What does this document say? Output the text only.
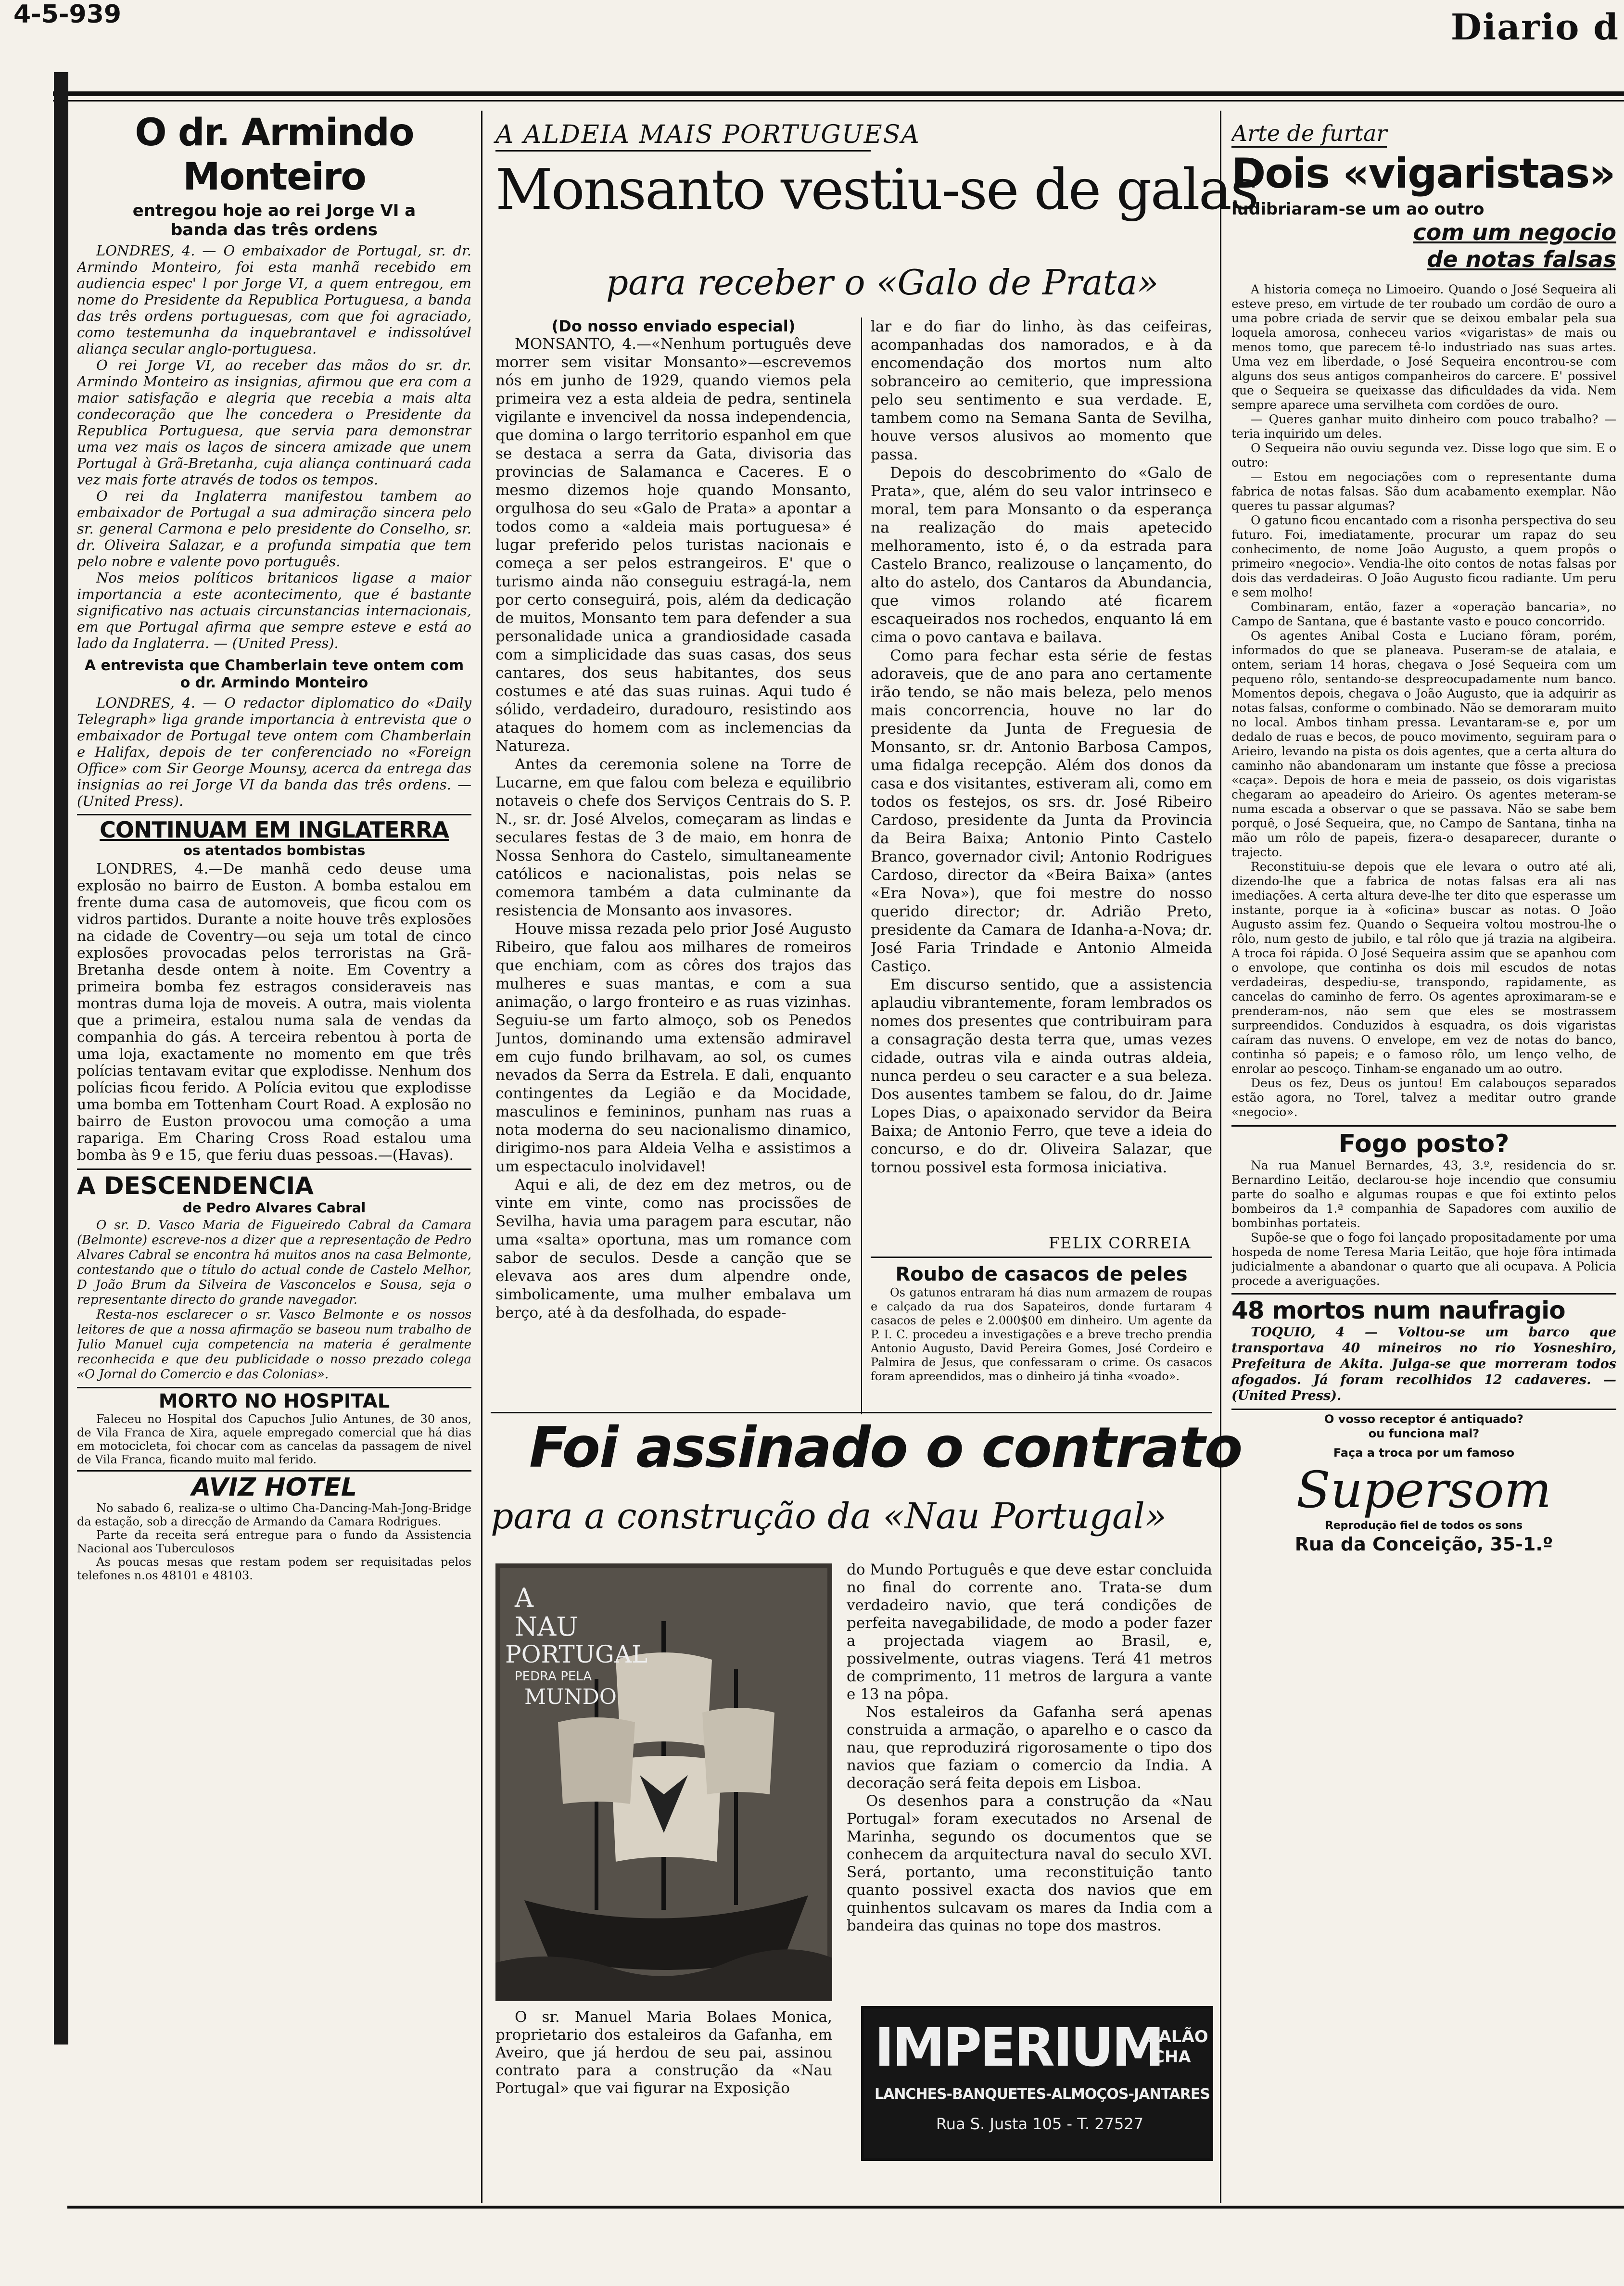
4-5-939	Diario d
O dr. Armindo Monteiro
entregou hoje ao rei Jorge VI a banda das três ordens

LONDRES, 4. — O embaixador de Portugal, sr. dr. Armindo Monteiro, foi esta manhã recebido em audiencia espec' l por Jorge VI, a quem entregou, em nome do Presidente da Republica Portuguesa, a banda das três ordens portuguesas, com que foi agraciado, como testemunha da inquebrantavel e indissolúvel aliança secular anglo-portuguesa.

O rei Jorge VI, ao receber das mãos do sr. dr. Armindo Monteiro as insignias, afirmou que era com a maior satisfação e alegria que recebia a mais alta condecoração que lhe concedera o Presidente da Republica Portuguesa, que servia para demonstrar uma vez mais os laços de sincera amizade que unem Portugal à Grã-Bretanha, cuja aliança continuará cada vez mais forte através de todos os tempos.

O rei da Inglaterra manifestou tambem ao embaixador de Portugal a sua admiração sincera pelo sr. general Carmona e pelo presidente do Conselho, sr. dr. Oliveira Salazar, e a profunda simpatia que tem pelo nobre e valente povo português.

Nos meios políticos britanicos ligase a maior importancia a este acontecimento, que é bastante significativo nas actuais circunstancias internacionais, em que Portugal afirma que sempre esteve e está ao lado da Inglaterra. — (United Press).

A entrevista que Chamberlain teve ontem com o dr. Armindo Monteiro

LONDRES, 4. — O redactor diplomatico do «Daily Telegraph» liga grande importancia à entrevista que o embaixador de Portugal teve ontem com Chamberlain e Halifax, depois de ter conferenciado no «Foreign Office» com Sir George Mounsy, acerca da entrega das insignias ao rei Jorge VI da banda das três ordens. — (United Press).

CONTINUAM EM INGLATERRA
os atentados bombistas

LONDRES, 4.—De manhã cedo deuse uma explosão no bairro de Euston. A bomba estalou em frente duma casa de automoveis, que ficou com os vidros partidos. Durante a noite houve três explosões na cidade de Coventry—ou seja um total de cinco explosões provocadas pelos terroristas na Grã-Bretanha desde ontem à noite. Em Coventry a primeira bomba fez estragos consideraveis nas montras duma loja de moveis. A outra, mais violenta que a primeira, estalou numa sala de vendas da companhia do gás. A terceira rebentou à porta de uma loja, exactamente no momento em que três polícias tentavam evitar que explodisse. Nenhum dos polícias ficou ferido. A Polícia evitou que explodisse uma bomba em Tottenham Court Road. A explosão no bairro de Euston provocou uma comoção a uma rapariga. Em Charing Cross Road estalou uma bomba às 9 e 15, que feriu duas pessoas.—(Havas).

A DESCENDENCIA
de Pedro Alvares Cabral

O sr. D. Vasco Maria de Figueiredo Cabral da Camara (Belmonte) escreve-nos a dizer que a representação de Pedro Alvares Cabral se encontra há muitos anos na casa Belmonte, contestando que o título do actual conde de Castelo Melhor, D João Brum da Silveira de Vasconcelos e Sousa, seja o representante directo do grande navegador.

Resta-nos esclarecer o sr. Vasco Belmonte e os nossos leitores de que a nossa afirmação se baseou num trabalho de Julio Manuel cuja competencia na materia é geralmente reconhecida e que deu publicidade o nosso prezado colega «O Jornal do Comercio e das Colonias».

MORTO NO HOSPITAL

Faleceu no Hospital dos Capuchos Julio Antunes, de 30 anos, de Vila Franca de Xira, aquele empregado comercial que há dias em motocicleta, foi chocar com as cancelas da passagem de nivel de Vila Franca, ficando muito mal ferido.

AVIZ HOTEL

No sabado 6, realiza-se o ultimo Cha-Dancing-Mah-Jong-Bridge da estação, sob a direcção de Armando da Camara Rodrigues.

Parte da receita será entregue para o fundo da Assistencia Nacional aos Tuberculosos

As poucas mesas que restam podem ser requisitadas pelos telefones n.os 48101 e 48103.

A ALDEIA MAIS PORTUGUESA
Monsanto vestiu-se de galas
para receber o «Galo de Prata»
(Do nosso enviado especial)

MONSANTO, 4.—«Nenhum português deve morrer sem visitar Monsanto»—escrevemos nós em junho de 1929, quando viemos pela primeira vez a esta aldeia de pedra, sentinela vigilante e invencivel da nossa independencia, que domina o largo territorio espanhol em que se destaca a serra da Gata, divisoria das provincias de Salamanca e Caceres. E o mesmo dizemos hoje quando Monsanto, orgulhosa do seu «Galo de Prata» a apontar a todos como a «aldeia mais portuguesa» é lugar preferido pelos turistas nacionais e começa a ser pelos estrangeiros. E' que o turismo ainda não conseguiu estragá-la, nem por certo conseguirá, pois, além da dedicação de muitos, Monsanto tem para defender a sua personalidade unica a grandiosidade casada com a simplicidade das suas casas, dos seus cantares, dos seus habitantes, dos seus costumes e até das suas ruinas. Aqui tudo é sólido, verdadeiro, duradouro, resistindo aos ataques do homem com as inclemencias da Natureza.

Antes da ceremonia solene na Torre de Lucarne, em que falou com beleza e equilibrio notaveis o chefe dos Serviços Centrais do S. P. N., sr. dr. José Alvelos, começaram as lindas e seculares festas de 3 de maio, em honra de Nossa Senhora do Castelo, simultaneamente católicos e nacionalistas, pois nelas se comemora também a data culminante da resistencia de Monsanto aos invasores.

Houve missa rezada pelo prior José Augusto Ribeiro, que falou aos milhares de romeiros que enchiam, com as côres dos trajos das mulheres e suas mantas, e com a sua animação, o largo fronteiro e as ruas vizinhas. Seguiu-se um farto almoço, sob os Penedos Juntos, dominando uma extensão admiravel em cujo fundo brilhavam, ao sol, os cumes nevados da Serra da Estrela. E dali, enquanto contingentes da Legião e da Mocidade, masculinos e femininos, punham nas ruas a nota moderna do seu nacionalismo dinamico, dirigimo-nos para Aldeia Velha e assistimos a um espectaculo inolvidavel!

Aqui e ali, de dez em dez metros, ou de vinte em vinte, como nas procissões de Sevilha, havia uma paragem para escutar, não uma «salta» oportuna, mas um romance com sabor de seculos. Desde a canção que se elevava aos ares dum alpendre onde, simbolicamente, uma mulher embalava um berço, até à da desfolhada, do espade-

lar e do fiar do linho, às das ceifeiras, acompanhadas dos namorados, e à da encomendação dos mortos num alto sobranceiro ao cemiterio, que impressiona pelo seu sentimento e sua verdade. E, tambem como na Semana Santa de Sevilha, houve versos alusivos ao momento que passa.

Depois do descobrimento do «Galo de Prata», que, além do seu valor intrinseco e moral, tem para Monsanto o da esperança na realização do mais apetecido melhoramento, isto é, o da estrada para Castelo Branco, realizouse o lançamento, do alto do astelo, dos Cantaros da Abundancia, que vimos rolando até ficarem escaqueirados nos rochedos, enquanto lá em cima o povo cantava e bailava.

Como para fechar esta série de festas adoraveis, que de ano para ano certamente irão tendo, se não mais beleza, pelo menos mais concorrencia, houve no lar do presidente da Junta de Freguesia de Monsanto, sr. dr. Antonio Barbosa Campos, uma fidalga recepção. Além dos donos da casa e dos visitantes, estiveram ali, como em todos os festejos, os srs. dr. José Ribeiro Cardoso, presidente da Junta da Provincia da Beira Baixa; Antonio Pinto Castelo Branco, governador civil; Antonio Rodrigues Cardoso, director da «Beira Baixa» (antes «Era Nova»), que foi mestre do nosso querido director; dr. Adrião Preto, presidente da Camara de Idanha-a-Nova; dr. José Faria Trindade e Antonio Almeida Castiço.

Em discurso sentido, que a assistencia aplaudiu vibrantemente, foram lembrados os nomes dos presentes que contribuiram para a consagração desta terra que, umas vezes cidade, outras vila e ainda outras aldeia, nunca perdeu o seu caracter e a sua beleza. Dos ausentes tambem se falou, do dr. Jaime Lopes Dias, o apaixonado servidor da Beira Baixa; de Antonio Ferro, que teve a ideia do concurso, e do dr. Oliveira Salazar, que tornou possivel esta formosa iniciativa.

FELIX CORREIA
Roubo de casacos de peles

Os gatunos entraram há dias num armazem de roupas e calçado da rua dos Sapateiros, donde furtaram 4 casacos de peles e 2.000$00 em dinheiro. Um agente da P. I. C. procedeu a investigações e a breve trecho prendia Antonio Augusto, David Pereira Gomes, José Cordeiro e Palmira de Jesus, que confessaram o crime. Os casacos foram apreendidos, mas o dinheiro já tinha «voado».

Foi assinado o contrato
para a construção da «Nau Portugal»
A
NAU
PORTUGAL
PEDRA PELA
MUNDO

O sr. Manuel Maria Bolaes Monica, proprietario dos estaleiros da Gafanha, em Aveiro, que já herdou de seu pai, assinou contrato para a construção da «Nau Portugal» que vai figurar na Exposição

do Mundo Português e que deve estar concluida no final do corrente ano. Trata-se dum verdadeiro navio, que terá condições de perfeita navegabilidade, de modo a poder fazer a projectada viagem ao Brasil, e, possivelmente, outras viagens. Terá 41 metros de comprimento, 11 metros de largura a vante e 13 na pôpa.

Nos estaleiros da Gafanha será apenas construida a armação, o aparelho e o casco da nau, que reproduzirá rigorosamente o tipo dos navios que faziam o comercio da India. A decoração será feita depois em Lisboa.

Os desenhos para a construção da «Nau Portugal» foram executados no Arsenal de Marinha, segundo os documentos que se conhecem da arquitectura naval do seculo XVI. Será, portanto, uma reconstituição tanto quanto possivel exacta dos navios que em quinhentos sulcavam os mares da India com a bandeira das quinas no tope dos mastros.

IMPERIUM
SALÃO
CHA
LANCHES-BANQUETES-ALMOÇOS-JANTARES
Rua S. Justa 105 - T. 27527
Arte de furtar
Dois «vigaristas»
ludibriaram-se um ao outro
com um negocio
de notas falsas

A historia começa no Limoeiro. Quando o José Sequeira ali esteve preso, em virtude de ter roubado um cordão de ouro a uma pobre criada de servir que se deixou embalar pela sua loquela amorosa, conheceu varios «vigaristas» de mais ou menos tomo, que parecem tê-lo industriado nas suas artes. Uma vez em liberdade, o José Sequeira encontrou-se com alguns dos seus antigos companheiros do carcere. E' possivel que o Sequeira se queixasse das dificuldades da vida. Nem sempre aparece uma servilheta com cordões de ouro.

— Queres ganhar muito dinheiro com pouco trabalho? — teria inquirido um deles.

O Sequeira não ouviu segunda vez. Disse logo que sim. E o outro:

— Estou em negociações com o representante duma fabrica de notas falsas. São dum acabamento exemplar. Não queres tu passar algumas?

O gatuno ficou encantado com a risonha perspectiva do seu futuro. Foi, imediatamente, procurar um rapaz do seu conhecimento, de nome João Augusto, a quem propôs o primeiro «negocio». Vendia-lhe oito contos de notas falsas por dois das verdadeiras. O João Augusto ficou radiante. Um peru e sem molho!

Combinaram, então, fazer a «operação bancaria», no Campo de Santana, que é bastante vasto e pouco concorrido.

Os agentes Anibal Costa e Luciano fôram, porém, informados do que se planeava. Puseram-se de atalaia, e ontem, seriam 14 horas, chegava o José Sequeira com um pequeno rôlo, sentando-se despreocupadamente num banco. Momentos depois, chegava o João Augusto, que ia adquirir as notas falsas, conforme o combinado. Não se demoraram muito no local. Ambos tinham pressa. Levantaram-se e, por um dedalo de ruas e becos, de pouco movimento, seguiram para o Arieiro, levando na pista os dois agentes, que a certa altura do caminho não abandonaram um instante que fôsse a preciosa «caça». Depois de hora e meia de passeio, os dois vigaristas chegaram ao apeadeiro do Arieiro. Os agentes meteram-se numa escada a observar o que se passava. Não se sabe bem porquê, o José Sequeira, que, no Campo de Santana, tinha na mão um rôlo de papeis, fizera-o desaparecer, durante o trajecto.

Reconstituiu-se depois que ele levara o outro até ali, dizendo-lhe que a fabrica de notas falsas era ali nas imediações. A certa altura deve-lhe ter dito que esperasse um instante, porque ia à «oficina» buscar as notas. O João Augusto assim fez. Quando o Sequeira voltou mostrou-lhe o rôlo, num gesto de jubilo, e tal rôlo que já trazia na algibeira. A troca foi rápida. O José Sequeira assim que se apanhou com o envolope, que continha os dois mil escudos de notas verdadeiras, despediu-se, transpondo, rapidamente, as cancelas do caminho de ferro. Os agentes aproximaram-se e prenderam-nos, não sem que eles se mostrassem surpreendidos. Conduzidos à esquadra, os dois vigaristas caíram das nuvens. O envelope, em vez de notas do banco, continha só papeis; e o famoso rôlo, um lenço velho, de enrolar ao pescoço. Tinham-se enganado um ao outro.

Deus os fez, Deus os juntou! Em calabouços separados estão agora, no Torel, talvez a meditar outro grande «negocio».

Fogo posto?

Na rua Manuel Bernardes, 43, 3.º, residencia do sr. Bernardino Leitão, declarou-se hoje incendio que consumiu parte do soalho e algumas roupas e que foi extinto pelos bombeiros da 1.ª companhia de Sapadores com auxilio de bombinhas portateis.

Supõe-se que o fogo foi lançado propositadamente por uma hospeda de nome Teresa Maria Leitão, que hoje fôra intimada judicialmente a abandonar o quarto que ali ocupava. A Policia procede a averiguações.

48 mortos num naufragio

TOQUIO, 4 — Voltou-se um barco que transportava 40 mineiros no rio Yosneshiro, Prefeitura de Akita. Julga-se que morreram todos afogados. Já foram recolhidos 12 cadaveres. — (United Press).

O vosso receptor é antiquado?
ou funciona mal?
Faça a troca por um famoso
Supersom
Reprodução fiel de todos os sons
Rua da Conceição, 35-1.º
